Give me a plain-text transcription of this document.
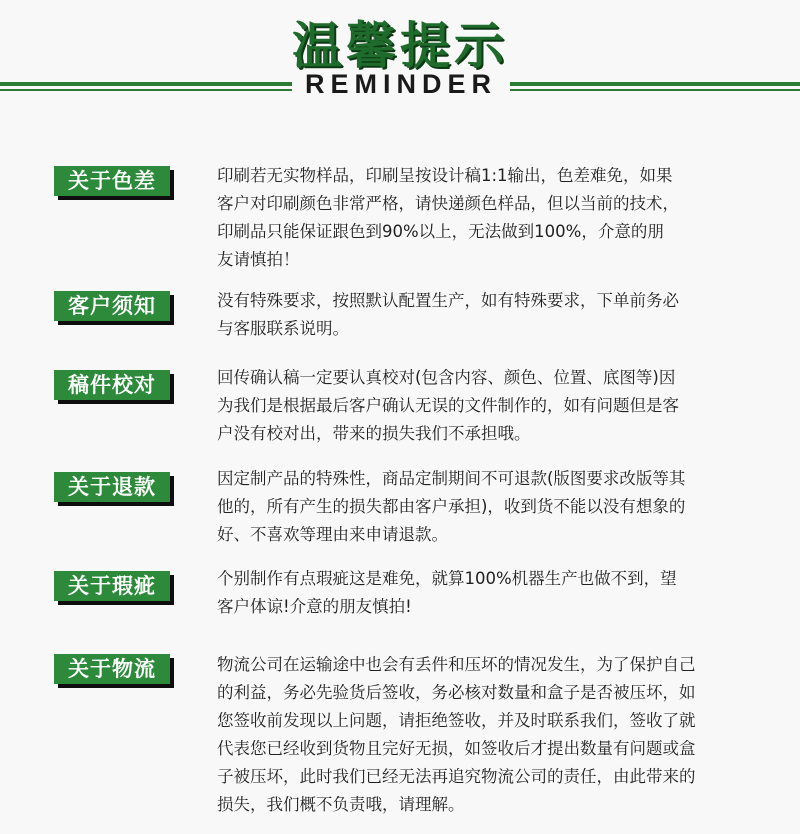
温馨提示
REMINDER
关于色差	印刷若无实物样品，印刷呈按设计稿1:1输出，色差难免，如果
客户对印刷颜色非常严格，请快递颜色样品，但以当前的技术，
印刷品只能保证跟色到90%以上，无法做到100%，介意的朋
友请慎拍！
客户须知	没有特殊要求，按照默认配置生产，如有特殊要求，下单前务必
与客服联系说明。
稿件校对	回传确认稿一定要认真校对(包含内容、颜色、位置、底图等)因
为我们是根据最后客户确认无误的文件制作的，如有问题但是客
户没有校对出，带来的损失我们不承担哦。
关于退款	因定制产品的特殊性，商品定制期间不可退款(版图要求改版等其
他的，所有产生的损失都由客户承担)，收到货不能以没有想象的
好、不喜欢等理由来申请退款。
关于瑕疵	个别制作有点瑕疵这是难免，就算100%机器生产也做不到，望
客户体谅!介意的朋友慎拍!
关于物流	物流公司在运输途中也会有丢件和压坏的情况发生，为了保护自己
的利益，务必先验货后签收，务必核对数量和盒子是否被压坏，如
您签收前发现以上问题，请拒绝签收，并及时联系我们，签收了就
代表您已经收到货物且完好无损，如签收后才提出数量有问题或盒
子被压坏，此时我们已经无法再追究物流公司的责任，由此带来的
损失，我们概不负责哦，请理解。
